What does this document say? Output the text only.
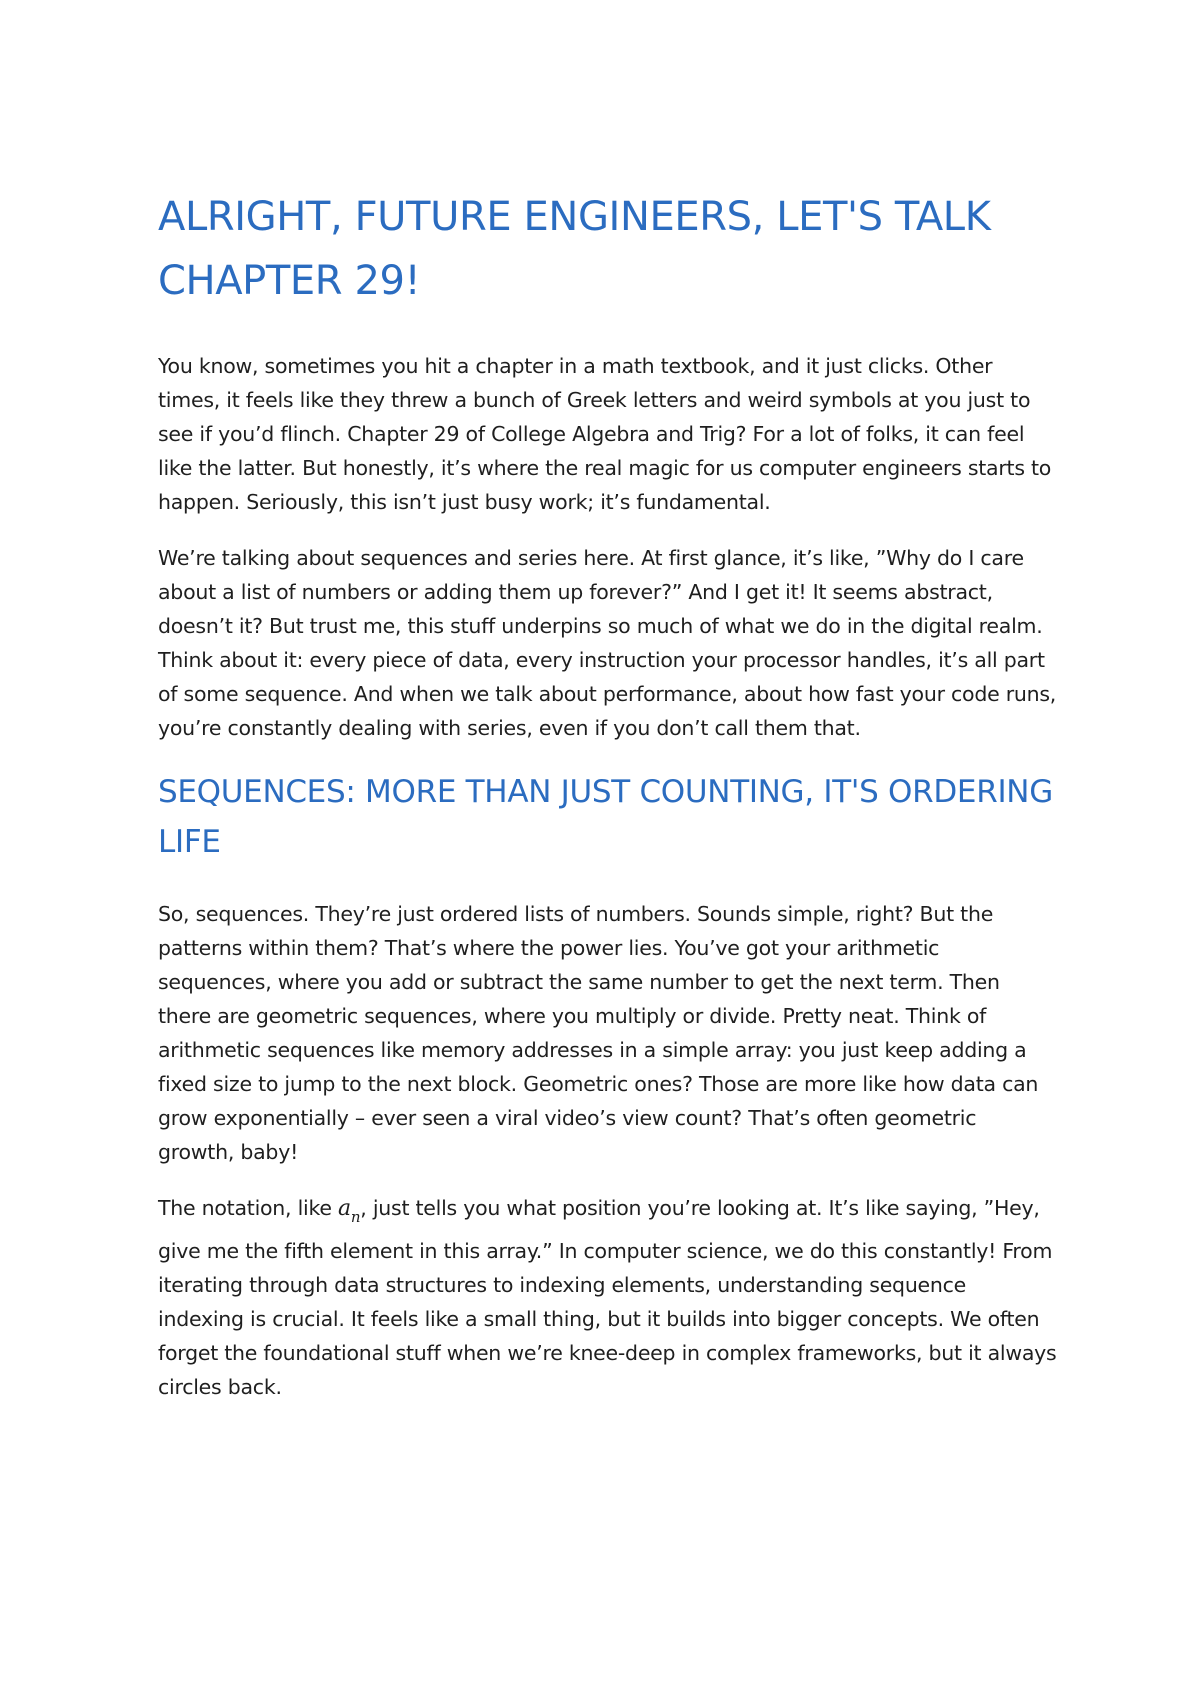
ALRIGHT, FUTURE ENGINEERS, LET'S TALK CHAPTER 29!

You know, sometimes you hit a chapter in a math textbook, and it just clicks. Other times, it feels like they threw a bunch of Greek letters and weird symbols at you just to see if you’d flinch. Chapter 29 of College Algebra and Trig? For a lot of folks, it can feel like the latter. But honestly, it’s where the real magic for us computer engineers starts to happen. Seriously, this isn’t just busy work; it’s fundamental.

We’re talking about sequences and series here. At first glance, it’s like, ”Why do I care about a list of numbers or adding them up forever?” And I get it! It seems abstract, doesn’t it? But trust me, this stuff underpins so much of what we do in the digital realm. Think about it: every piece of data, every instruction your processor handles, it’s all part of some sequence. And when we talk about performance, about how fast your code runs, you’re constantly dealing with series, even if you don’t call them that.

SEQUENCES: MORE THAN JUST COUNTING, IT'S ORDERING LIFE

So, sequences. They’re just ordered lists of numbers. Sounds simple, right? But the patterns within them? That’s where the power lies. You’ve got your arithmetic sequences, where you add or subtract the same number to get the next term. Then there are geometric sequences, where you multiply or divide. Pretty neat. Think of arithmetic sequences like memory addresses in a simple array: you just keep adding a fixed size to jump to the next block. Geometric ones? Those are more like how data can grow exponentially – ever seen a viral video’s view count? That’s often geometric growth, baby!

The notation, like $a_n$, just tells you what position you’re looking at. It’s like saying, ”Hey, give me the fifth element in this array.” In computer science, we do this constantly! From iterating through data structures to indexing elements, understanding sequence indexing is crucial. It feels like a small thing, but it builds into bigger concepts. We often forget the foundational stuff when we’re knee-deep in complex frameworks, but it always circles back.
